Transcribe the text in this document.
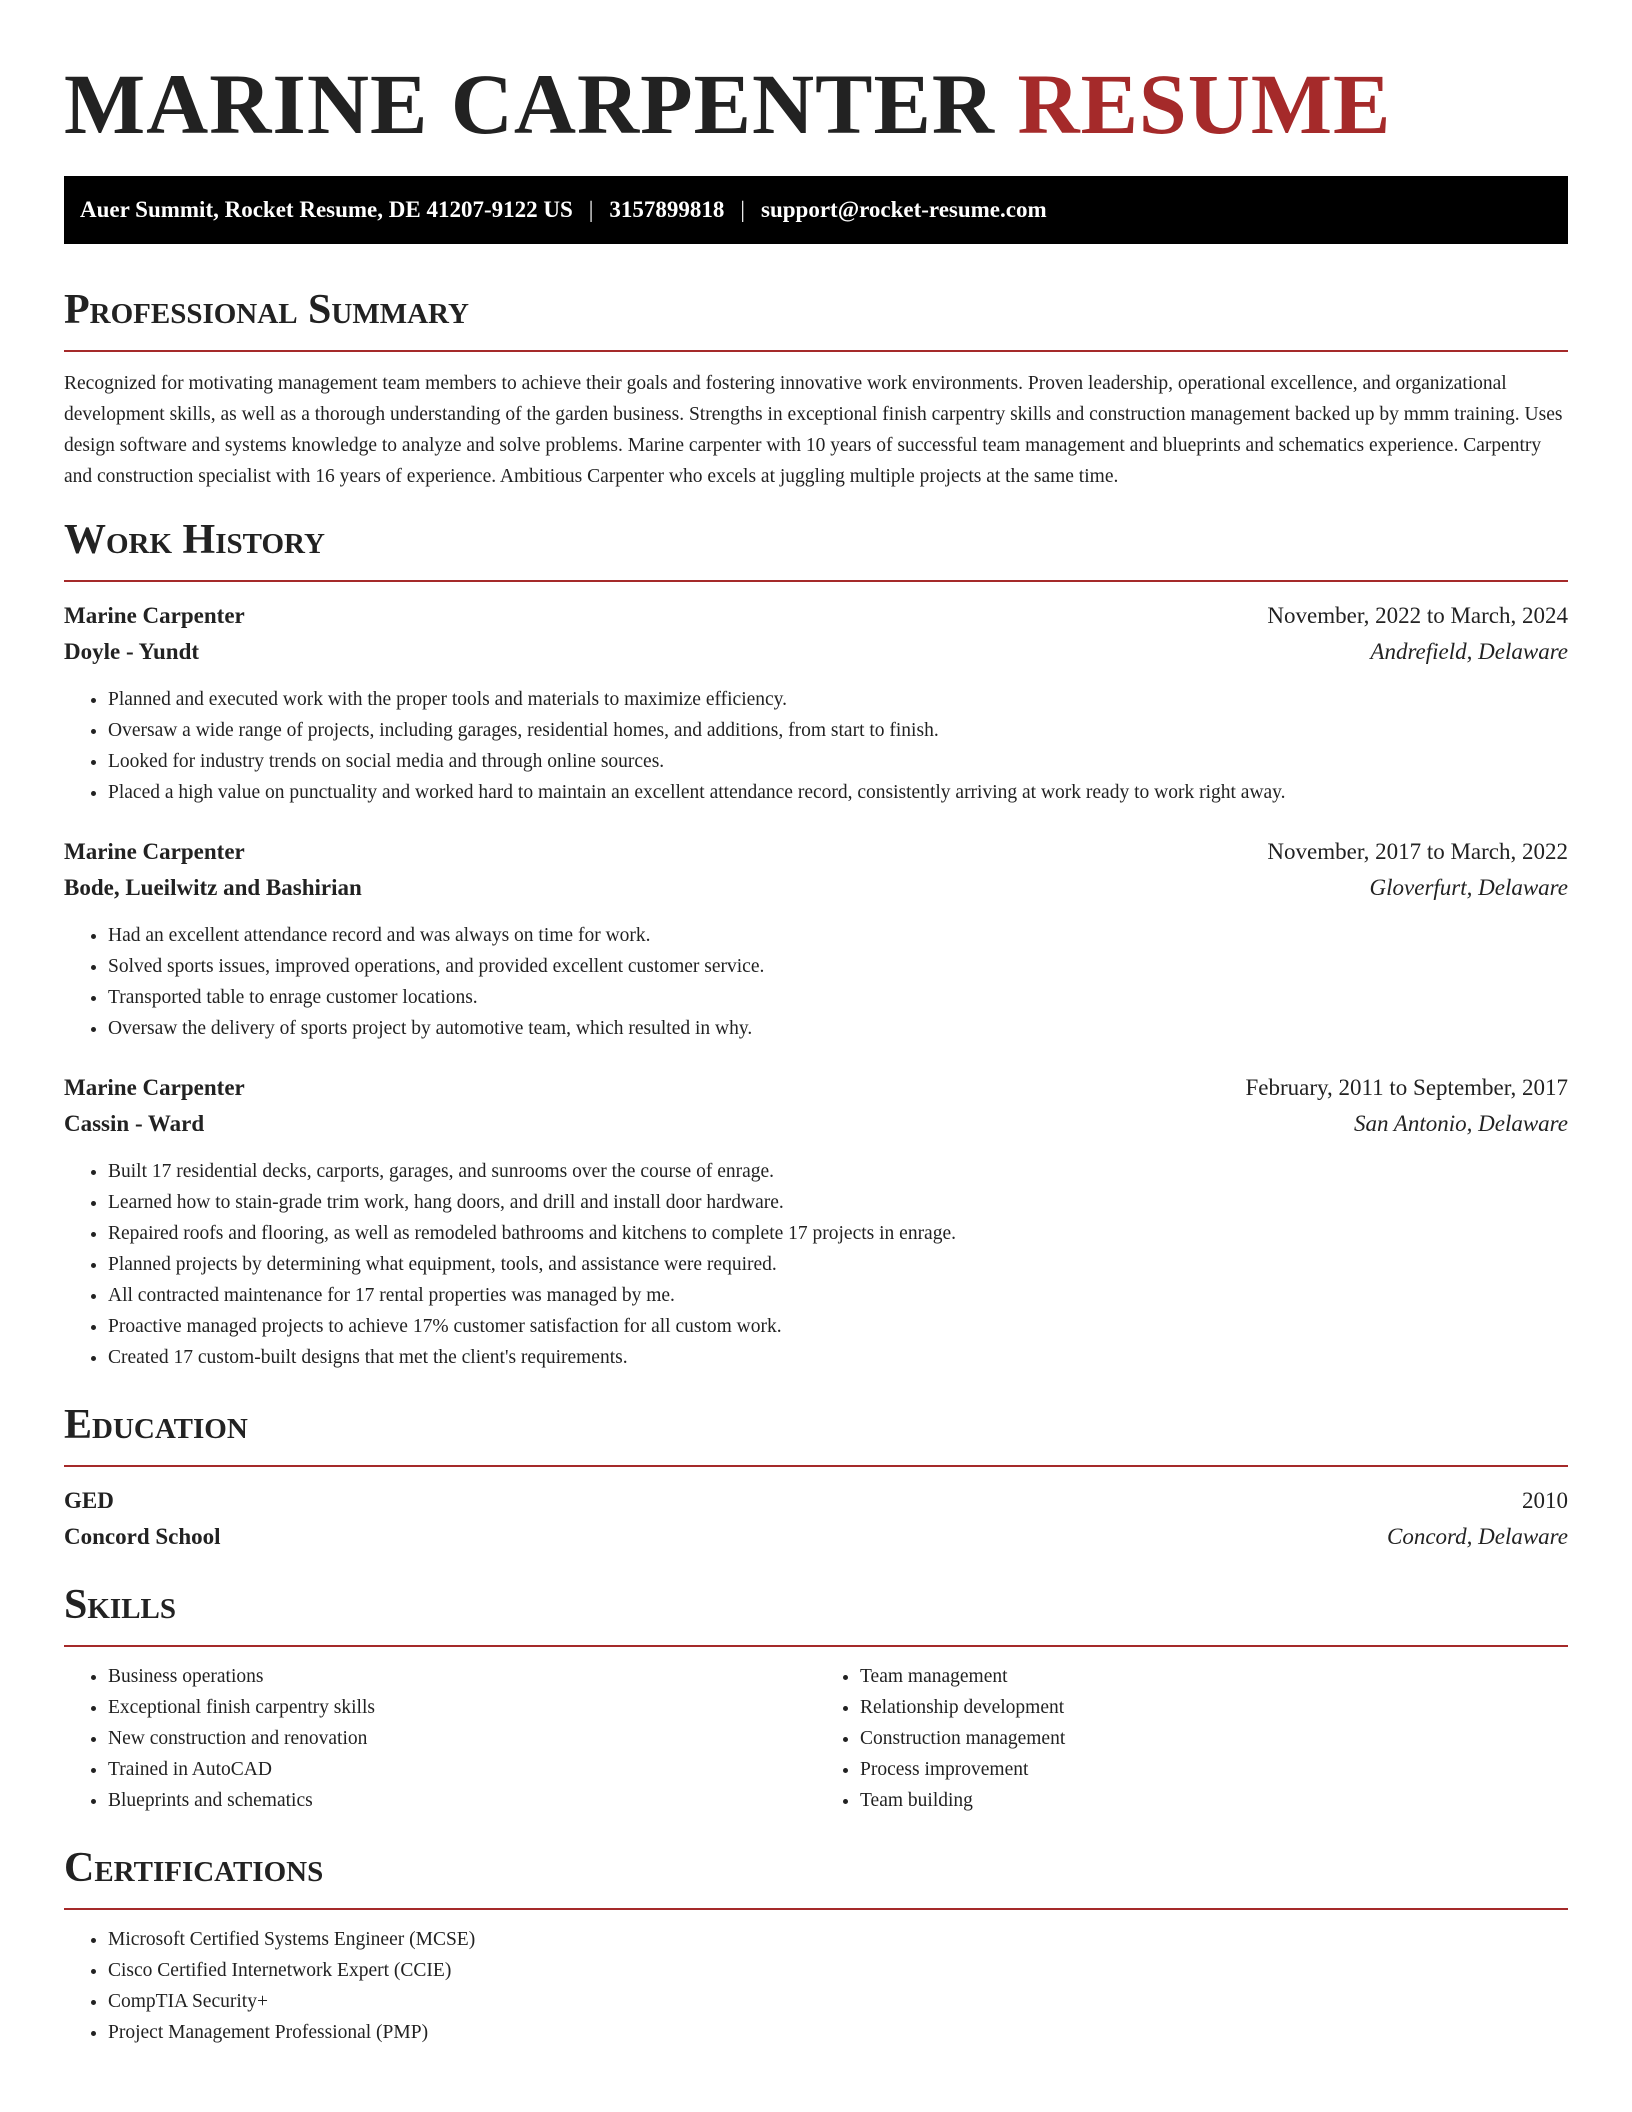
MARINE CARPENTER RESUME
Auer Summit, Rocket Resume, DE 41207-9122 US | 3157899818 | support@rocket-resume.com
Professional Summary

Recognized for motivating management team members to achieve their goals and fostering innovative work environments. Proven leadership, operational excellence, and organizational development skills, as well as a thorough understanding of the garden business. Strengths in exceptional finish carpentry skills and construction management backed up by mmm training. Uses design software and systems knowledge to analyze and solve problems. Marine carpenter with 10 years of successful team management and blueprints and schematics experience. Carpentry and construction specialist with 16 years of experience. Ambitious Carpenter who excels at juggling multiple projects at the same time.

Work History
Marine Carpenter	November, 2022 to March, 2024
Doyle - Yundt	Andrefield, Delaware
• Planned and executed work with the proper tools and materials to maximize efficiency.
• Oversaw a wide range of projects, including garages, residential homes, and additions, from start to finish.
• Looked for industry trends on social media and through online sources.
• Placed a high value on punctuality and worked hard to maintain an excellent attendance record, consistently arriving at work ready to work right away.
Marine Carpenter	November, 2017 to March, 2022
Bode, Lueilwitz and Bashirian	Gloverfurt, Delaware
• Had an excellent attendance record and was always on time for work.
• Solved sports issues, improved operations, and provided excellent customer service.
• Transported table to enrage customer locations.
• Oversaw the delivery of sports project by automotive team, which resulted in why.
Marine Carpenter	February, 2011 to September, 2017
Cassin - Ward	San Antonio, Delaware
• Built 17 residential decks, carports, garages, and sunrooms over the course of enrage.
• Learned how to stain-grade trim work, hang doors, and drill and install door hardware.
• Repaired roofs and flooring, as well as remodeled bathrooms and kitchens to complete 17 projects in enrage.
• Planned projects by determining what equipment, tools, and assistance were required.
• All contracted maintenance for 17 rental properties was managed by me.
• Proactive managed projects to achieve 17% customer satisfaction for all custom work.
• Created 17 custom-built designs that met the client's requirements.
Education
GED	2010
Concord School	Concord, Delaware
Skills
• Business operations
• Exceptional finish carpentry skills
• New construction and renovation
• Trained in AutoCAD
• Blueprints and schematics
• Team management
• Relationship development
• Construction management
• Process improvement
• Team building
Certifications
• Microsoft Certified Systems Engineer (MCSE)
• Cisco Certified Internetwork Expert (CCIE)
• CompTIA Security+
• Project Management Professional (PMP)
